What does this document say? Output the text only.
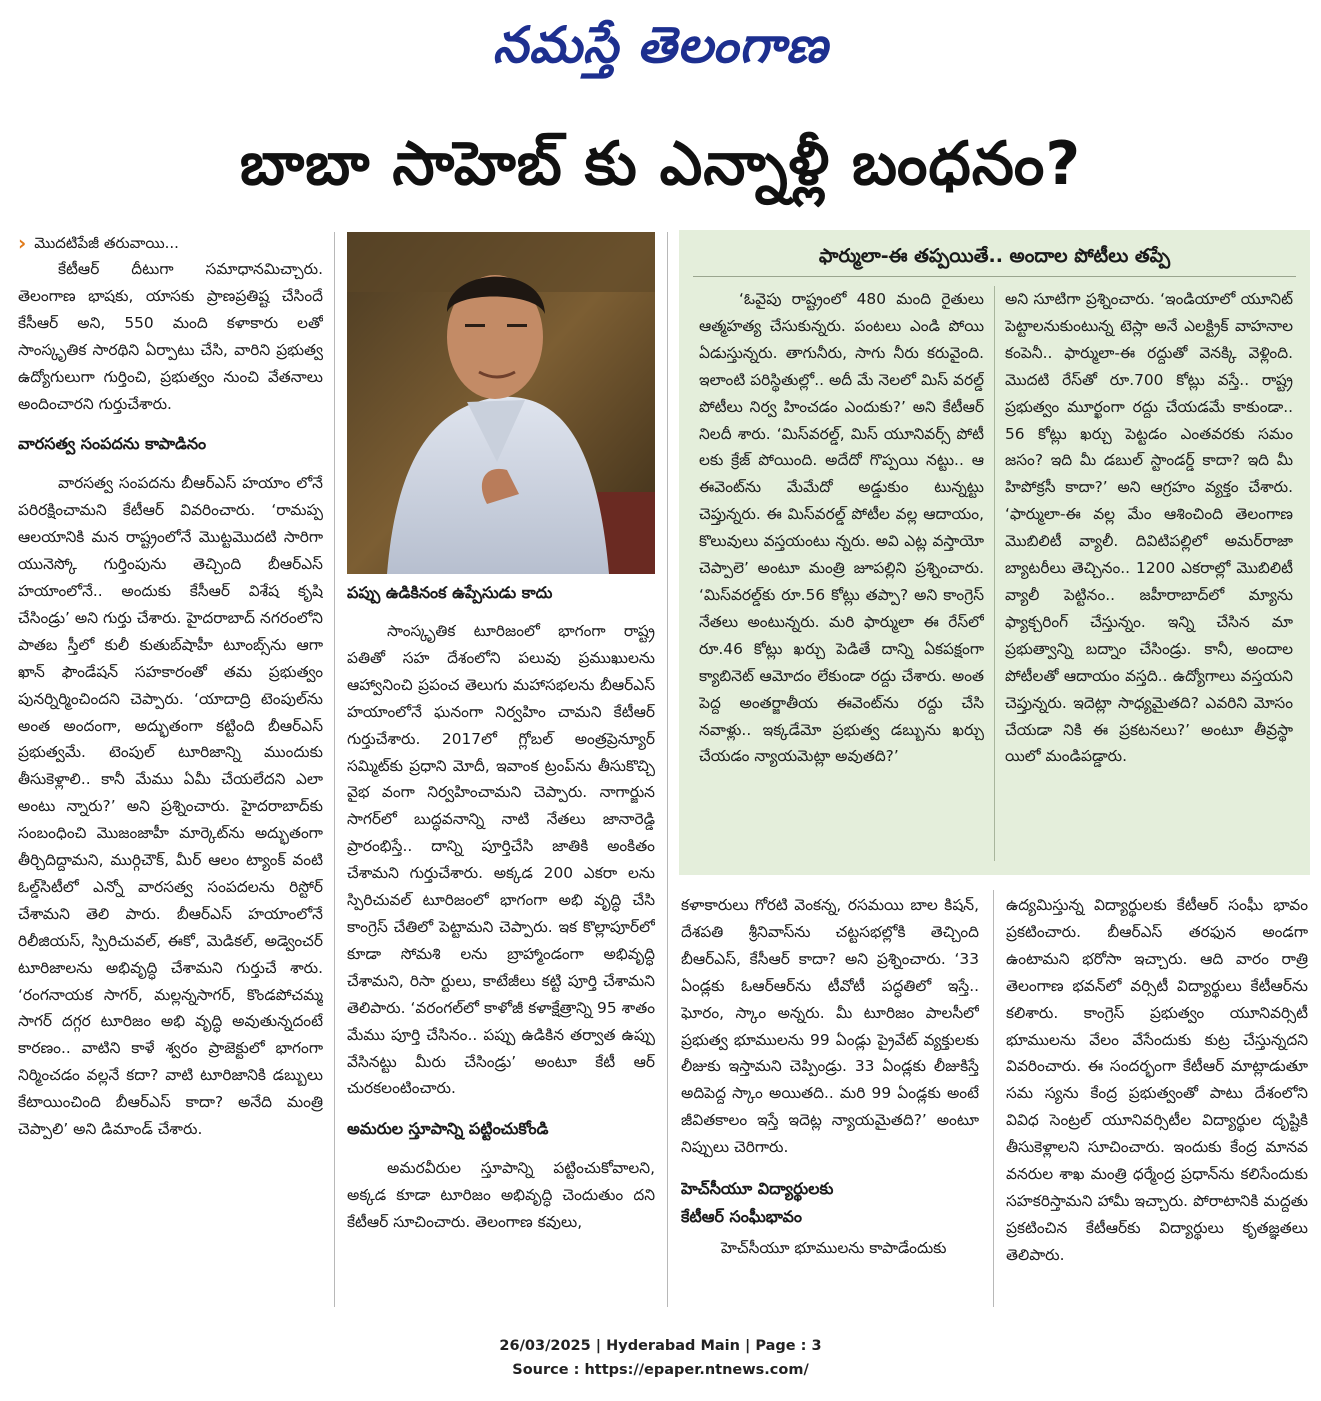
నమస్తే తెలంగాణ
బాబా సాహెబ్ కు ఎన్నాళ్లీ బంధనం?
› మొదటిపేజీ తరువాయి...

కేటీఆర్ దీటుగా సమాధానమిచ్చారు. తెలంగాణ భాషకు, యాసకు ప్రాణప్రతిష్ట చేసిందే కేసీఆర్ అని, 550 మంది కళాకారు లతో సాంస్కృతిక సారథిని ఏర్పాటు చేసి, వారిని ప్రభుత్వ ఉద్యోగులుగా గుర్తించి, ప్రభుత్వం నుంచి వేతనాలు అందించారని గుర్తుచేశారు.

వారసత్వ సంపదను కాపాడినం

వారసత్వ సంపదను బీఆర్ఎస్ హయాం లోనే పరిరక్షించామని కేటీఆర్ వివరించారు. ‘రామప్ప ఆలయానికి మన రాష్ట్రంలోనే మొట్టమొదటి సారిగా యునెస్కో గుర్తింపును తెచ్చింది బీఆర్ఎస్ హయాంలోనే.. అందుకు కేసీఆర్ విశేష కృషి చేసిండ్రు’ అని గుర్తు చేశారు. హైదరాబాద్ నగరంలోని పాతబ స్తీలో కులీ కుతుబ్‌షాహీ టూంబ్స్‌ను ఆగా ఖాన్ ఫౌండేషన్ సహకారంతో తమ ప్రభుత్వం పునర్నిర్మించిందని చెప్పారు. ‘యాదాద్రి టెంపుల్‌ను అంత అందంగా, అద్భుతంగా కట్టింది బీఆర్ఎస్ ప్రభుత్వమే. టెంపుల్ టూరిజాన్ని ముందుకు తీసుకెళ్లాలి.. కానీ మేము ఏమీ చేయలేదని ఎలా అంటు న్నారు?’ అని ప్రశ్నించారు. హైదరాబాద్‌కు సంబంధించి మొజంజాహీ మార్కెట్‌ను అద్భుతంగా తీర్చిదిద్దామని, ముర్గిచౌక్, మీర్ ఆలం ట్యాంక్ వంటి ఓల్డ్‌సిటీలో ఎన్నో వారసత్వ సంపదలను రిస్టోర్ చేశామని తెలి పారు. బీఆర్ఎస్ హయాంలోనే రిలీజియస్, స్పిరిచువల్, ఈకో, మెడికల్, అడ్వెంచర్ టూరిజాలను అభివృద్ధి చేశామని గుర్తుచే శారు. ‘రంగనాయక సాగర్, మల్లన్నసాగర్, కొండపోచమ్మ సాగర్ దగ్గర టూరిజం అభి వృద్ధి అవుతున్నదంటే కారణం.. వాటిని కాళే శ్వరం ప్రాజెక్టులో భాగంగా నిర్మించడం వల్లనే కదా? వాటి టూరిజానికి డబ్బులు కేటాయించింది బీఆర్ఎస్ కాదా? అనేది మంత్రి చెప్పాలి’ అని డిమాండ్ చేశారు.

పప్పు ఉడికినంక ఉప్పేసుడు కాదు

సాంస్కృతిక టూరిజంలో భాగంగా రాష్ట్ర పతితో సహ దేశంలోని పలువు ప్రముఖులను ఆహ్వానించి ప్రపంచ తెలుగు మహాసభలను బీఆర్ఎస్ హయాంలోనే ఘనంగా నిర్వహిం చామని కేటీఆర్ గుర్తుచేశారు. 2017లో గ్లోబల్ అంత్రప్రెన్యూర్ సమ్మిట్‌కు ప్రధాని మోదీ, ఇవాంక ట్రంప్‌ను తీసుకొచ్చి వైభ వంగా నిర్వహించామని చెప్పారు. నాగార్జున సాగర్‌లో బుద్ధవనాన్ని నాటి నేతలు జానారెడ్డి ప్రారంభిస్తే.. దాన్ని పూర్తిచేసి జాతికి అంకితం చేశామని గుర్తుచేశారు. అక్కడ 200 ఎకరా లను స్పిరిచువల్ టూరిజంలో భాగంగా అభి వృద్ధి చేసి కాంగ్రెస్ చేతిలో పెట్టామని చెప్పారు. ఇక కొల్లాపూర్‌లో కూడా సోమశి లను బ్రాహ్మాండంగా అభివృద్ధి చేశామని, రిసా ర్టులు, కాటేజీలు కట్టి పూర్తి చేశామని తెలిపారు. ‘వరంగల్‌లో కాళోజీ కళాక్షేత్రాన్ని 95 శాతం మేము పూర్తి చేసినం.. పప్పు ఉడికిన తర్వాత ఉప్పు వేసినట్టు మీరు చేసిండ్రు’ అంటూ కేటీ ఆర్ చురకలంటించారు.

అమరుల స్తూపాన్ని పట్టించుకోండి

అమరవీరుల స్తూపాన్ని పట్టించుకోవాలని, అక్కడ కూడా టూరిజం అభివృద్ధి చెందుతుం దని కేటీఆర్ సూచించారు. తెలంగాణ కవులు,

ఫార్ములా-ఈ తప్పయితే.. అందాల పోటీలు తప్పే

‘ఓవైపు రాష్ట్రంలో 480 మంది రైతులు ఆత్మహత్య చేసుకున్నరు. పంటలు ఎండి పోయి ఏడుస్తున్నరు. తాగునీరు, సాగు నీరు కరువైంది. ఇలాంటి పరిస్థితుల్లో.. అదీ మే నెలలో మిస్ వరల్డ్ పోటీలు నిర్వ హించడం ఎందుకు?’ అని కేటీఆర్ నిలదీ శారు. ‘మిస్‌వరల్డ్, మిస్ యూనివర్స్ పోటీ లకు క్రేజ్ పోయింది. అదేదో గొప్పయి నట్టు.. ఆ ఈవెంట్‌ను మేమేదో అడ్డుకుం టున్నట్టు చెప్తున్నరు. ఈ మిస్‌వరల్డ్ పోటీల వల్ల ఆదాయం, కొలువులు వస్తయంటు న్నరు. అవి ఎట్ల వస్తాయో చెప్పాలె’ అంటూ మంత్రి జూపల్లిని ప్రశ్నించారు. ‘మిస్‌వరల్డ్‌కు రూ.56 కోట్లు తప్పా? అని కాంగ్రెస్ నేతలు అంటున్నరు. మరి ఫార్ములా ఈ రేస్‌లో రూ.46 కోట్లు ఖర్చు పెడితే దాన్ని ఏకపక్షంగా క్యాబినెట్ ఆమోదం లేకుండా రద్దు చేశారు. అంత పెద్ద అంతర్జాతీయ ఈవెంట్‌ను రద్దు చేసి నవాళ్లు.. ఇక్కడేమో ప్రభుత్వ డబ్బును ఖర్చు చేయడం న్యాయమెట్లా అవుతది?’

అని సూటిగా ప్రశ్నించారు. ‘ఇండియాలో యూనిట్ పెట్టాలనుకుంటున్న టెస్లా అనే ఎలక్ట్రిక్ వాహనాల కంపెనీ.. ఫార్ములా-ఈ రద్దుతో వెనక్కి వెళ్లింది. మొదటి రేస్‌తో రూ.700 కోట్లు వస్తే.. రాష్ట్ర ప్రభుత్వం మూర్ఖంగా రద్దు చేయడమే కాకుండా.. 56 కోట్లు ఖర్చు పెట్టడం ఎంతవరకు సమం జసం? ఇది మీ డబుల్ స్టాండర్డ్ కాదా? ఇది మీ హిపోక్రసీ కాదా?’ అని ఆగ్రహం వ్యక్తం చేశారు. ‘ఫార్ములా-ఈ వల్ల మేం ఆశించింది తెలంగాణ మొబిలిటీ వ్యాలీ. దివిటిపల్లిలో అమర్‌రాజా బ్యాటరీలు తెచ్చినం.. 1200 ఎకరాల్లో మొబిలిటీ వ్యాలీ పెట్టినం.. జహీరాబాద్‌లో మ్యాను ఫ్యాక్చరింగ్ చేస్తున్నం. ఇన్ని చేసిన మా ప్రభుత్వాన్ని బద్నాం చేసిండ్రు. కానీ, అందాల పోటీలతో ఆదాయం వస్తది.. ఉద్యోగాలు వస్తయని చెప్తున్నరు. ఇదెట్లా సాధ్యమైతది? ఎవరిని మోసం చేయడా నికి ఈ ప్రకటనలు?’ అంటూ తీవ్రస్థా యిలో మండిపడ్డారు.

కళాకారులు గోరటి వెంకన్న, రసమయి బాల కిషన్, దేశపతి శ్రీనివాస్‌ను చట్టసభల్లోకి తెచ్చింది బీఆర్ఎస్, కేసీఆర్ కాదా? అని ప్రశ్నించారు. ‘33 ఏండ్లకు ఓఆర్ఆర్‌ను టీవోటీ పద్ధతిలో ఇస్తే.. ఘోరం, స్కాం అన్నరు. మీ టూరిజం పాలసీలో ప్రభుత్వ భూములను 99 ఏండ్లు ప్రైవేట్ వ్యక్తులకు లీజుకు ఇస్తామని చెప్పిండ్రు. 33 ఏండ్లకు లీజుకిస్తే అదిపెద్ద స్కాం అయితది.. మరి 99 ఏండ్లకు అంటే జీవితకాలం ఇస్తే ఇదెట్ల న్యాయమైతది?’ అంటూ నిప్పులు చెరిగారు.

హెచ్‌సీయూ విద్యార్థులకు
కేటీఆర్ సంఘీభావం

హెచ్‌సీయూ భూములను కాపాడేందుకు

ఉద్యమిస్తున్న విద్యార్థులకు కేటీఆర్ సంఘీ భావం ప్రకటించారు. బీఆర్ఎస్ తరఫున అండగా ఉంటామని భరోసా ఇచ్చారు. ఆది వారం రాత్రి తెలంగాణ భవన్‌లో వర్సిటీ విద్యార్థులు కేటీఆర్‌ను కలిశారు. కాంగ్రెస్ ప్రభుత్వం యూనివర్సిటీ భూములను వేలం వేసేందుకు కుట్ర చేస్తున్నదని వివరించారు. ఈ సందర్భంగా కేటీఆర్ మాట్లాడుతూ సమ స్యను కేంద్ర ప్రభుత్వంతో పాటు దేశంలోని వివిధ సెంట్రల్ యూనివర్సిటీల విద్యార్థుల దృష్టికి తీసుకెళ్లాలని సూచించారు. ఇందుకు కేంద్ర మానవ వనరుల శాఖ మంత్రి ధర్మేంద్ర ప్రధాన్‌ను కలిసేందుకు సహకరిస్తామని హామీ ఇచ్చారు. పోరాటానికి మద్దతు ప్రకటించిన కేటీఆర్‌కు విద్యార్థులు కృతజ్ఞతలు తెలిపారు.

26/03/2025 | Hyderabad Main | Page : 3
Source : https://epaper.ntnews.com/
